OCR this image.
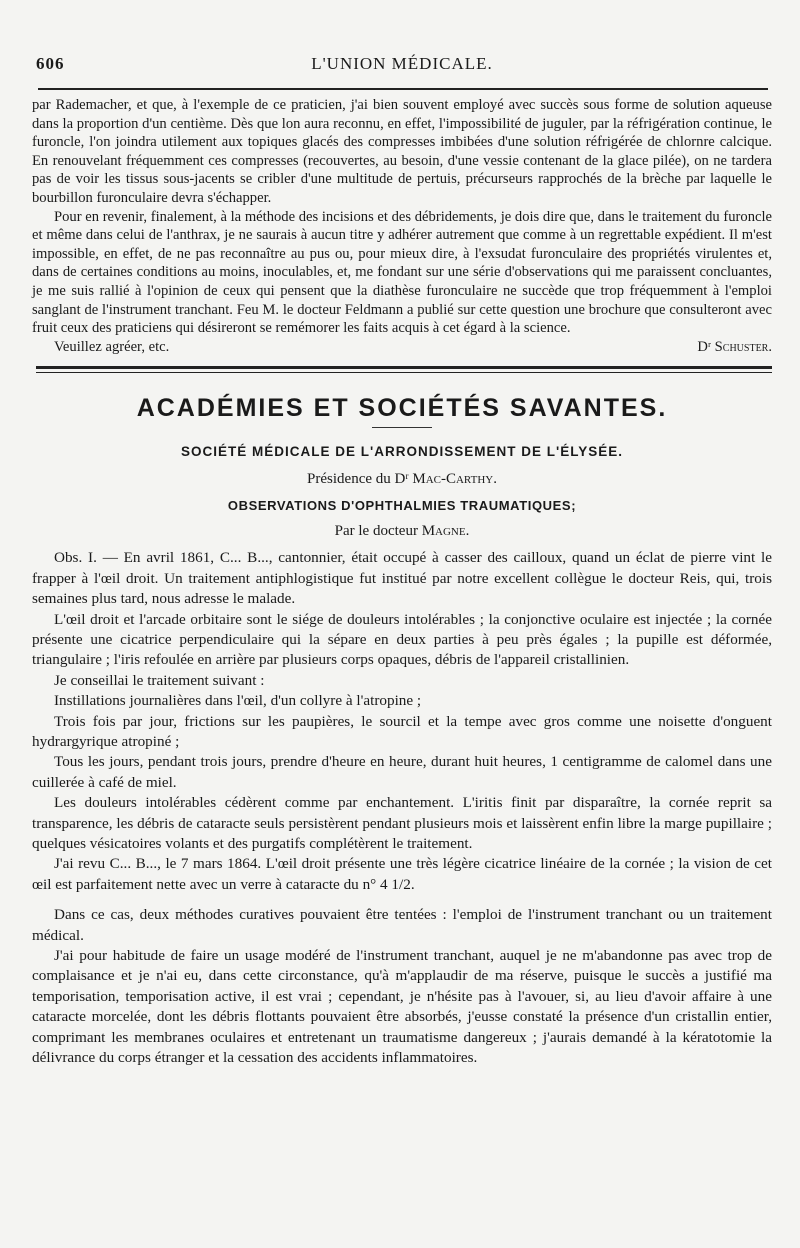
606	L'UNION MÉDICALE.

par Rademacher, et que, à l'exemple de ce praticien, j'ai bien souvent employé avec succès sous forme de solution aqueuse dans la proportion d'un centième. Dès que lon aura reconnu, en effet, l'impossibilité de juguler, par la réfrigération continue, le furoncle, l'on joindra utilement aux topiques glacés des compresses imbibées d'une solution réfrigérée de chlornre calcique. En renouvelant fréquemment ces compresses (recouvertes, au besoin, d'une vessie contenant de la glace pilée), on ne tardera pas de voir les tissus sous-jacents se cribler d'une multitude de pertuis, précurseurs rapprochés de la brèche par laquelle le bourbillon furonculaire devra s'échapper.

Pour en revenir, finalement, à la méthode des incisions et des débridements, je dois dire que, dans le traitement du furoncle et même dans celui de l'anthrax, je ne saurais à aucun titre y adhérer autrement que comme à un regrettable expédient. Il m'est impossible, en effet, de ne pas reconnaître au pus ou, pour mieux dire, à l'exsudat furonculaire des propriétés virulentes et, dans de certaines conditions au moins, inoculables, et, me fondant sur une série d'observations qui me paraissent concluantes, je me suis rallié à l'opinion de ceux qui pensent que la diathèse furonculaire ne succède que trop fréquemment à l'emploi sanglant de l'instrument tranchant. Feu M. le docteur Feldmann a publié sur cette question une brochure que consulteront avec fruit ceux des praticiens qui désireront se remémorer les faits acquis à cet égard à la science.

Veuillez agréer, etc.	Dʳ Schuster.
ACADÉMIES ET SOCIÉTÉS SAVANTES.
SOCIÉTÉ MÉDICALE DE L'ARRONDISSEMENT DE L'ÉLYSÉE.
Présidence du Dʳ Mac-Carthy.
OBSERVATIONS D'OPHTHALMIES TRAUMATIQUES;
Par le docteur Magne.

Obs. I. — En avril 1861, C... B..., cantonnier, était occupé à casser des cailloux, quand un éclat de pierre vint le frapper à l'œil droit. Un traitement antiphlogistique fut institué par notre excellent collègue le docteur Reis, qui, trois semaines plus tard, nous adresse le malade.

L'œil droit et l'arcade orbitaire sont le siége de douleurs intolérables ; la conjonctive oculaire est injectée ; la cornée présente une cicatrice perpendiculaire qui la sépare en deux parties à peu près égales ; la pupille est déformée, triangulaire ; l'iris refoulée en arrière par plusieurs corps opaques, débris de l'appareil cristallinien.

Je conseillai le traitement suivant :

Instillations journalières dans l'œil, d'un collyre à l'atropine ;

Trois fois par jour, frictions sur les paupières, le sourcil et la tempe avec gros comme une noisette d'onguent hydrargyrique atropiné ;

Tous les jours, pendant trois jours, prendre d'heure en heure, durant huit heures, 1 centigramme de calomel dans une cuillerée à café de miel.

Les douleurs intolérables cédèrent comme par enchantement. L'iritis finit par disparaître, la cornée reprit sa transparence, les débris de cataracte seuls persistèrent pendant plusieurs mois et laissèrent enfin libre la marge pupillaire ; quelques vésicatoires volants et des purgatifs complétèrent le traitement.

J'ai revu C... B..., le 7 mars 1864. L'œil droit présente une très légère cicatrice linéaire de la cornée ; la vision de cet œil est parfaitement nette avec un verre à cataracte du n° 4 1/2.

Dans ce cas, deux méthodes curatives pouvaient être tentées : l'emploi de l'instrument tranchant ou un traitement médical.

J'ai pour habitude de faire un usage modéré de l'instrument tranchant, auquel je ne m'abandonne pas avec trop de complaisance et je n'ai eu, dans cette circonstance, qu'à m'applaudir de ma réserve, puisque le succès a justifié ma temporisation, temporisation active, il est vrai ; cependant, je n'hésite pas à l'avouer, si, au lieu d'avoir affaire à une cataracte morcelée, dont les débris flottants pouvaient être absorbés, j'eusse constaté la présence d'un cristallin entier, comprimant les membranes oculaires et entretenant un traumatisme dangereux ; j'aurais demandé à la kératotomie la délivrance du corps étranger et la cessation des accidents inflammatoires.
